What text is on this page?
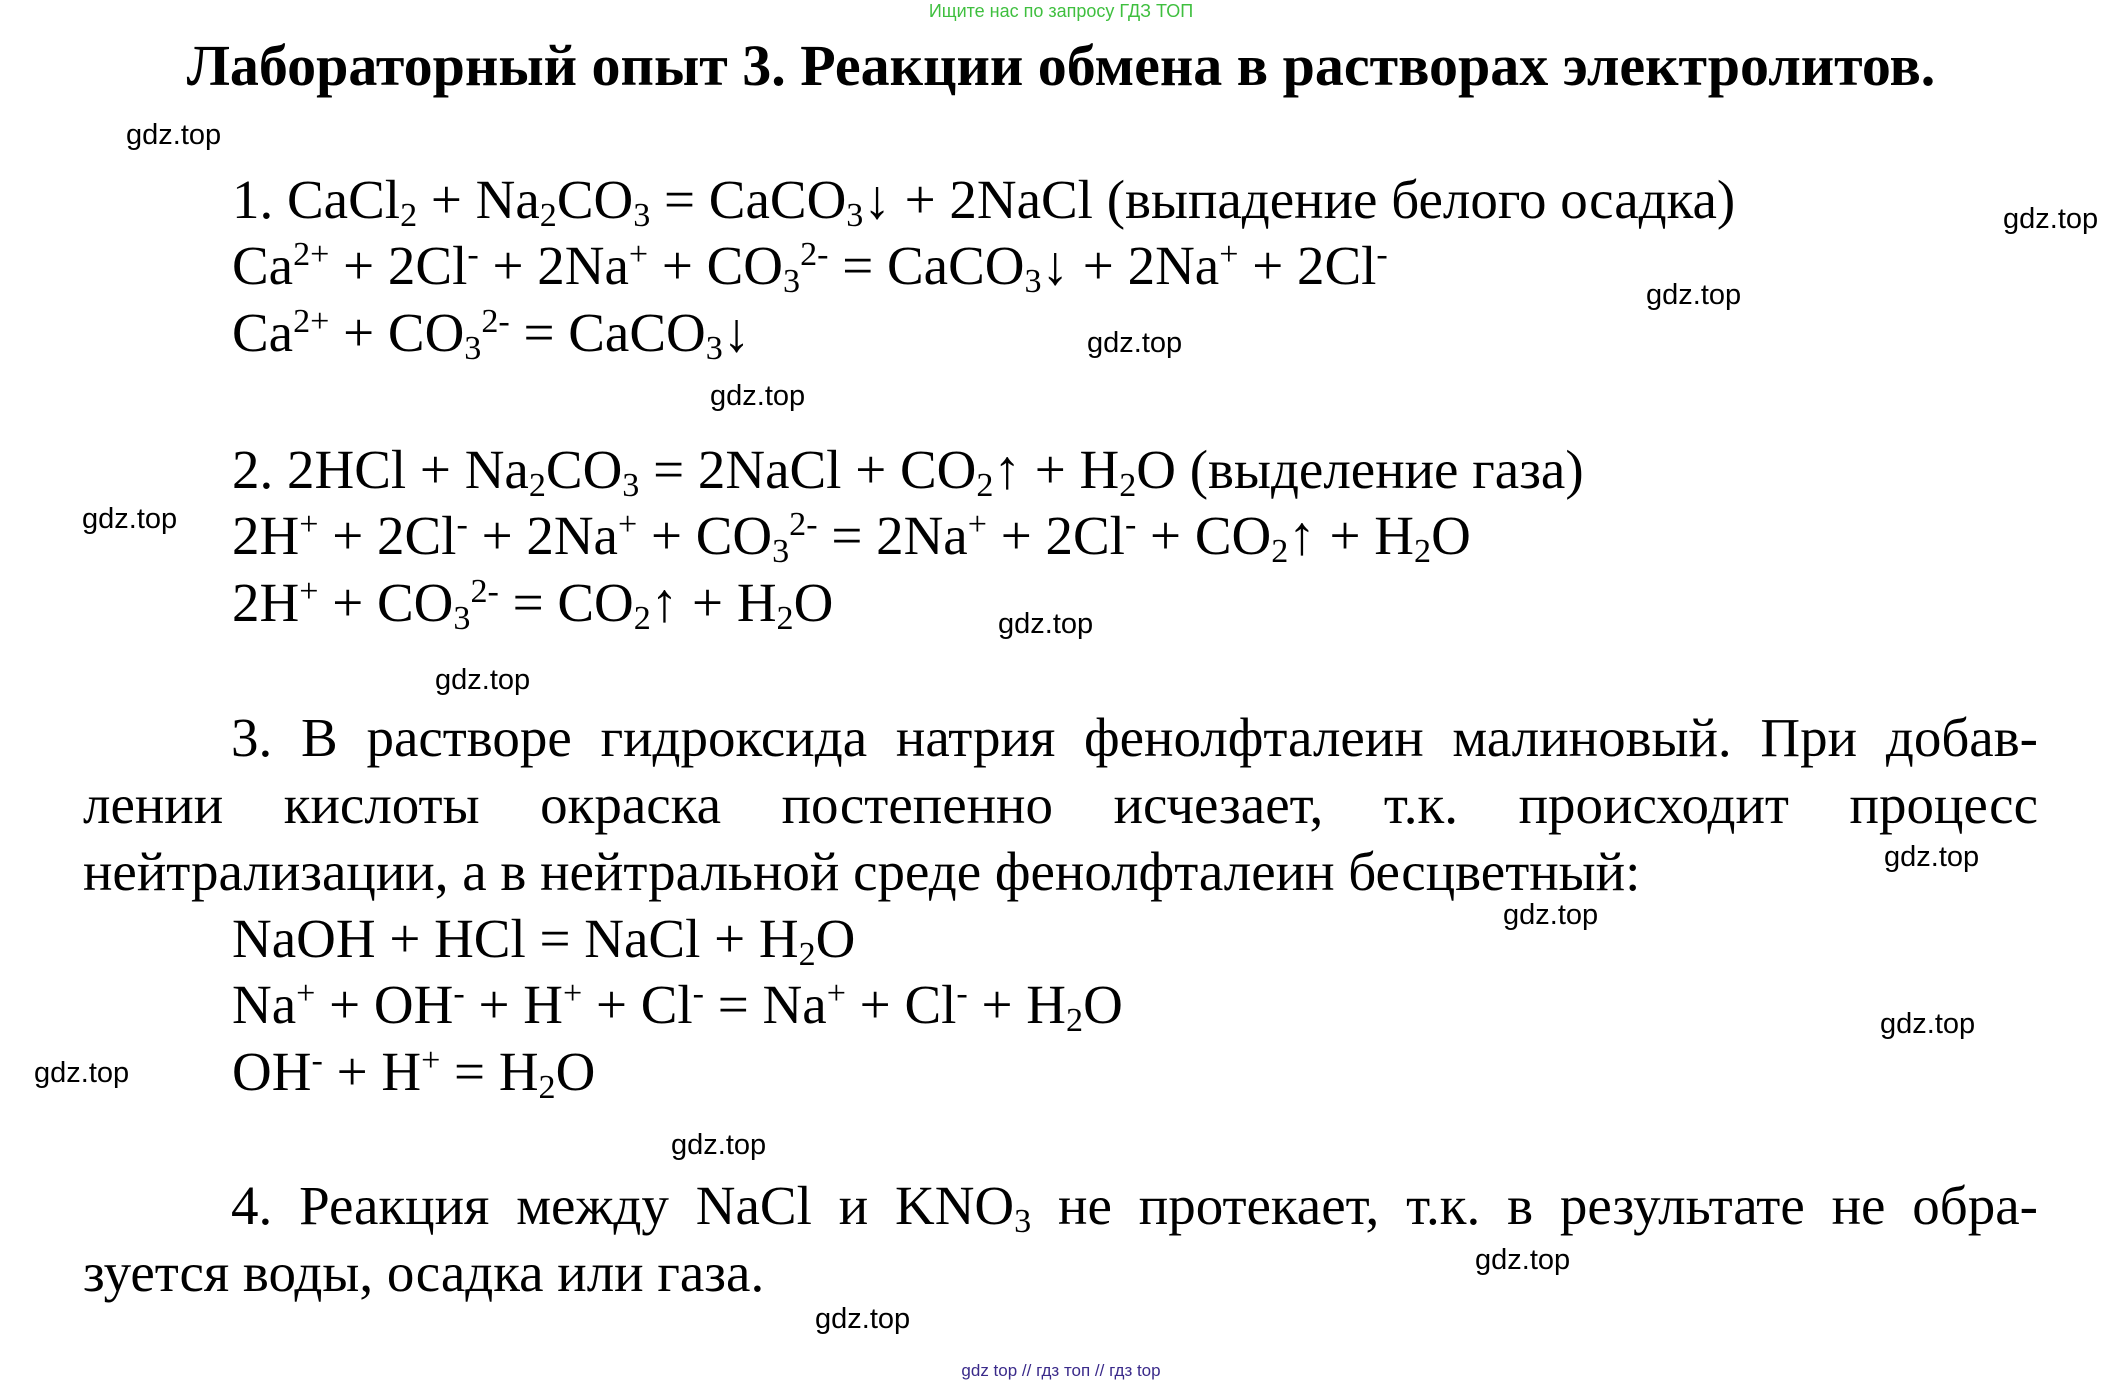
Ищите нас по запросу ГДЗ ТОП
Лабораторный опыт 3. Реакции обмена в растворах электролитов.
1. CaCl$_2$ + $Na_2CO_3$ = CaCO$_3$↓ + 2NaCl (выпадение белого осадка)
$Ca^{2+} + 2Cl^- + 2Na^+ + CO_3^{2-}$ = CaCO$_3$↓ + 2Na+ + 2Cl-
$Ca^{2+} + CO_3^{2-}$ = CaCO$_3$↓
2. $2HCl + Na_2CO_3$ = 2NaCl + $CO_2↑ + H_2O$ (выделение газа)
$2H^+ + 2Cl^- + 2Na^+ + CO_3^{2-} = 2Na^+ + 2Cl^-$ + $CO_2↑ + H_2O$
$2H^+ + CO_3^{2-}$ = $CO_2↑ + H_2O$
3. В растворе гидроксида натрия фенолфталеин малиновый. При добав-
лении кислоты окраска постепенно исчезает, т.к. происходит процесс
нейтрализации, а в нейтральной среде фенолфталеин бесцветный:
NaOH + HCl = NaCl + $H_2O$
$Na^+ + OH^- + H^+ + Cl^- = Na^+ + Cl^- + H_2O$
$OH^- + H^+ = H_2O$
4. Реакция между NaCl и $KNO_3$ не протекает, т.к. в результате не обра-
зуется воды, осадка или газа.
gdz.top
gdz.top
gdz.top
gdz.top
gdz.top
gdz.top
gdz.top
gdz.top
gdz.top
gdz.top
gdz.top
gdz.top
gdz.top
gdz.top
gdz.top
gdz top // гдз топ // гдз top
